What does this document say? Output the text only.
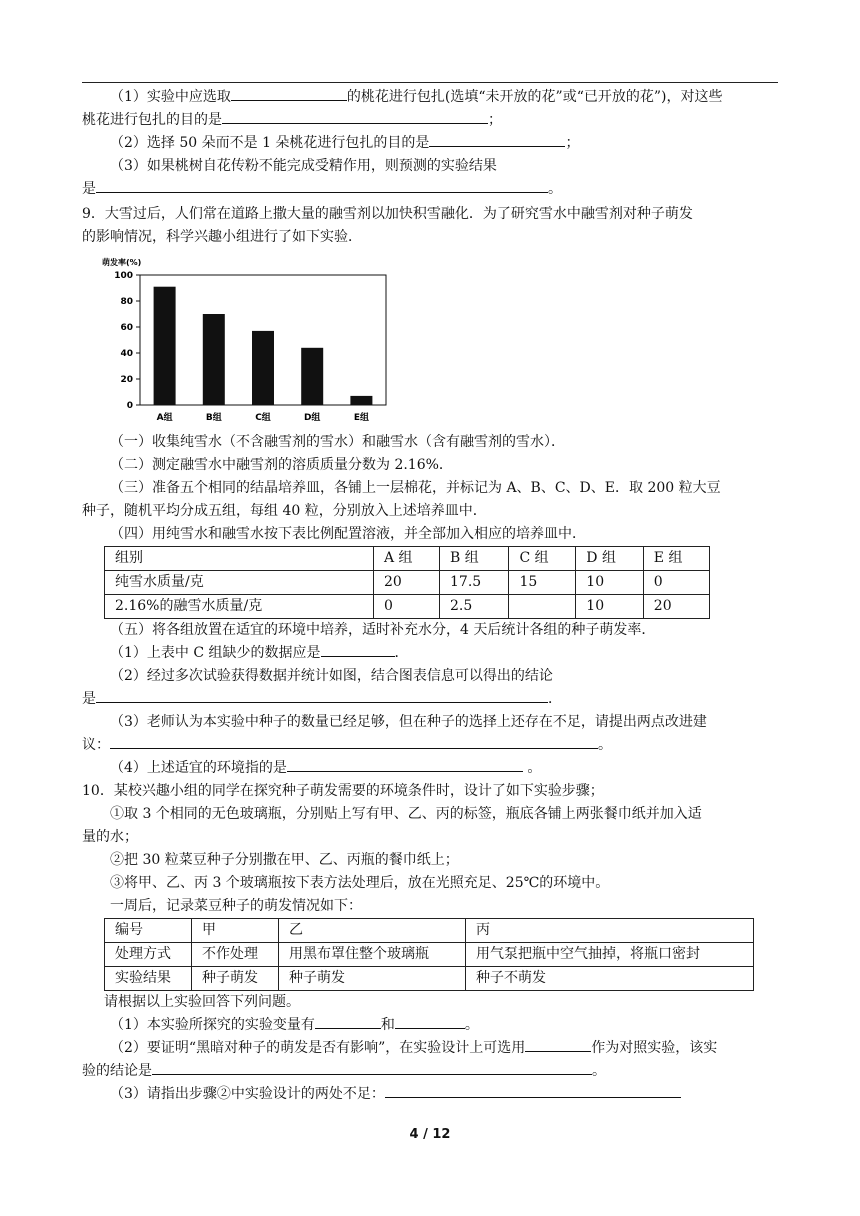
（1）实验中应选取	的桃花进行包扎(选填“未开放的花”或“已开放的花”)，对这些

桃花进行包扎的目的是	；

（2）选择 50 朵而不是 1 朵桃花进行包扎的目的是	；

（3）如果桃树自花传粉不能完成受精作用，则预测的实验结果

是	。

9．大雪过后，人们常在道路上撒大量的融雪剂以加快积雪融化．为了研究雪水中融雪剂对种子萌发

的影响情况，科学兴趣小组进行了如下实验．

萌发率(%)
0
20
40
60
80
100
A组	B组	C组	D组	E组

（一）收集纯雪水（不含融雪剂的雪水）和融雪水（含有融雪剂的雪水）．

（二）测定融雪水中融雪剂的溶质质量分数为 2.16%．

（三）准备五个相同的结晶培养皿，各铺上一层棉花，并标记为 A、B、C、D、E．取 200 粒大豆

种子，随机平均分成五组，每组 40 粒，分别放入上述培养皿中．

（四）用纯雪水和融雪水按下表比例配置溶液，并全部加入相应的培养皿中．

组别	A 组	B 组	C 组	D 组	E 组
纯雪水质量/克	20	17.5	15	10	0
2.16%的融雪水质量/克	0	2.5		10	20

（五）将各组放置在适宜的环境中培养，适时补充水分，4 天后统计各组的种子萌发率．

（1）上表中 C 组缺少的数据应是	．

（2）经过多次试验获得数据并统计如图，结合图表信息可以得出的结论

是	．

（3）老师认为本实验中种子的数量已经足够，但在种子的选择上还存在不足，请提出两点改进建

议：	。

（4）上述适宜的环境指的是	。

10．某校兴趣小组的同学在探究种子萌发需要的环境条件时，设计了如下实验步骤；

①取 3 个相同的无色玻璃瓶，分别贴上写有甲、乙、丙的标签，瓶底各铺上两张餐巾纸并加入适

量的水；

②把 30 粒菜豆种子分别撒在甲、乙、丙瓶的餐巾纸上；

③将甲、乙、丙 3 个玻璃瓶按下表方法处理后，放在光照充足、25℃的环境中。

一周后，记录菜豆种子的萌发情况如下：

编号	甲	乙	丙
处理方式	不作处理	用黑布罩住整个玻璃瓶	用气泵把瓶中空气抽掉，将瓶口密封
实验结果	种子萌发	种子萌发	种子不萌发

请根据以上实验回答下列问题。

（1）本实验所探究的实验变量有	和	。

（2）要证明“黑暗对种子的萌发是否有影响”，在实验设计上可选用	作为对照实验，该实

验的结论是	。

（3）请指出步骤②中实验设计的两处不足：

4 / 12
